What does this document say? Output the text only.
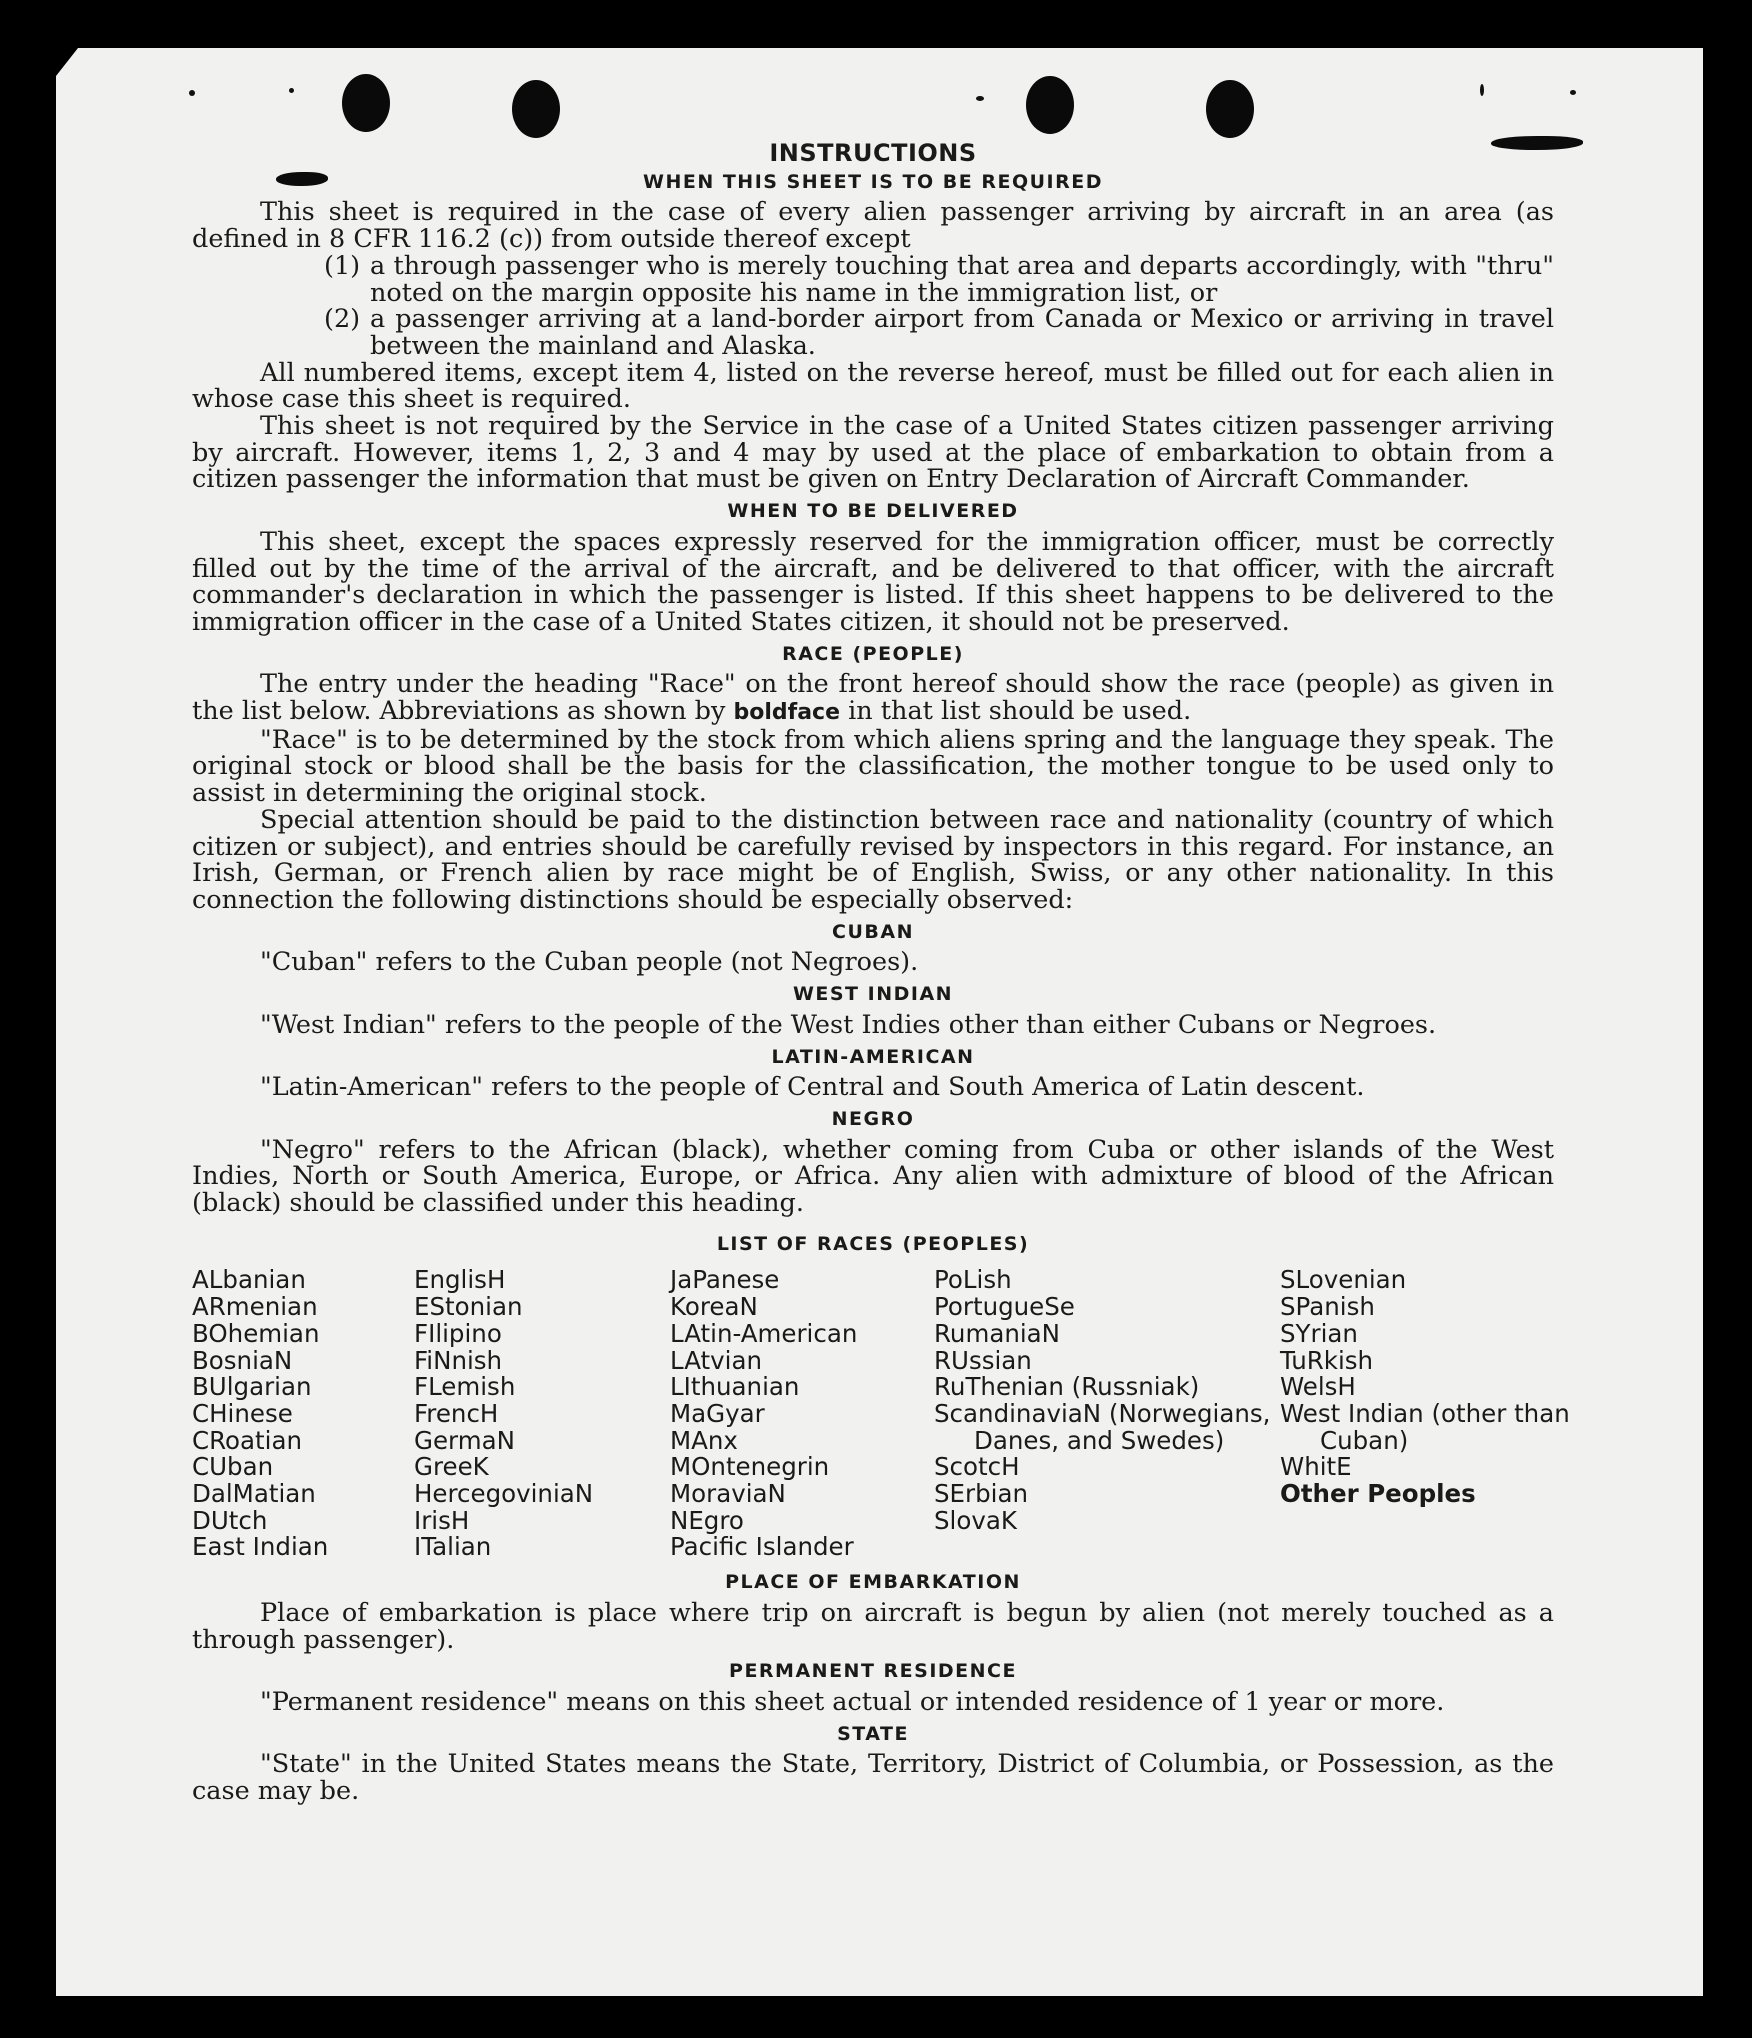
INSTRUCTIONS
WHEN THIS SHEET IS TO BE REQUIRED

This sheet is required in the case of every alien passenger arriving by aircraft in an area (as defined in 8 CFR 116.2 (c)) from outside thereof except

(1) a through passenger who is merely touching that area and departs accordingly, with "thru" noted on the margin opposite his name in the immigration list, or
(2) a passenger arriving at a land-border airport from Canada or Mexico or arriving in travel between the mainland and Alaska.

All numbered items, except item 4, listed on the reverse hereof, must be filled out for each alien in whose case this sheet is required.

This sheet is not required by the Service in the case of a United States citizen passenger arriving by aircraft. However, items 1, 2, 3 and 4 may by used at the place of embarkation to obtain from a citizen passenger the information that must be given on Entry Declaration of Aircraft Commander.

WHEN TO BE DELIVERED

This sheet, except the spaces expressly reserved for the immigration officer, must be correctly filled out by the time of the arrival of the aircraft, and be delivered to that officer, with the aircraft commander's declaration in which the passenger is listed. If this sheet happens to be delivered to the immigration officer in the case of a United States citizen, it should not be preserved.

RACE (PEOPLE)

The entry under the heading "Race" on the front hereof should show the race (people) as given in the list below. Abbreviations as shown by boldface in that list should be used.

"Race" is to be determined by the stock from which aliens spring and the language they speak. The original stock or blood shall be the basis for the classification, the mother tongue to be used only to assist in determining the original stock.

Special attention should be paid to the distinction between race and nationality (country of which citizen or subject), and entries should be carefully revised by inspectors in this regard. For instance, an Irish, German, or French alien by race might be of English, Swiss, or any other nationality. In this connection the following distinctions should be especially observed:

CUBAN

"Cuban" refers to the Cuban people (not Negroes).

WEST INDIAN

"West Indian" refers to the people of the West Indies other than either Cubans or Negroes.

LATIN-AMERICAN

"Latin-American" refers to the people of Central and South America of Latin descent.

NEGRO

"Negro" refers to the African (black), whether coming from Cuba or other islands of the West Indies, North or South America, Europe, or Africa. Any alien with admixture of blood of the African (black) should be classified under this heading.

LIST OF RACES (PEOPLES)
ALbanian
ARmenian
BOhemian
BosniaN
BUlgarian
CHinese
CRoatian
CUban
DalMatian
DUtch
East Indian
EnglisH
EStonian
FIlipino
FiNnish
FLemish
FrencH
GermaN
GreeK
HercegoviniaN
IrisH
ITalian
JaPanese
KoreaN
LAtin-American
LAtvian
LIthuanian
MaGyar
MAnx
MOntenegrin
MoraviaN
NEgro
Pacific Islander
PoLish
PortugueSe
RumaniaN
RUssian
RuThenian (Russniak)
ScandinaviaN (Norwegians, Danes, and Swedes)
ScotcH
SErbian
SlovaK
SLovenian
SPanish
SYrian
TuRkish
WelsH
West Indian (other than Cuban)
WhitE
Other Peoples
PLACE OF EMBARKATION

Place of embarkation is place where trip on aircraft is begun by alien (not merely touched as a through passenger).

PERMANENT RESIDENCE

"Permanent residence" means on this sheet actual or intended residence of 1 year or more.

STATE

"State" in the United States means the State, Territory, District of Columbia, or Possession, as the case may be.
